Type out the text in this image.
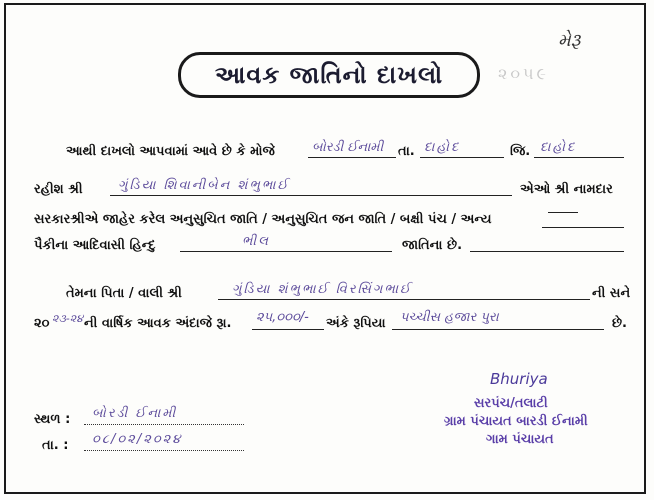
મેરૂ
૨૦૫૯
આવક જાતિનો દાખલો
આથી દાખલો આપવામાં આવે છે કે મોજે	બોરડી ઈનામી તા. દાહોદ	જિ. દાહોદ
રહીશ શ્રી	ગુંડિયા શિવાનીબેન શંભુભાઈ	એઓ શ્રી નામદાર
સરકારશ્રીએ જાહેર કરેલ અનુસુચિત જાતિ / અનુસુચિત જન જાતિ / બક્ષી પંચ / અન્ય
પૈકીના આદિવાસી હિન્દુ	ભીલ	જાતિના છે.
તેમના પિતા / વાલી શ્રી	ગુંડિયા શંભુભાઈ વિરસિંગભાઈ	ની સને
૨૦ ૨૩-૨૪ ની વાર્ષિક આવક અંદાજે રૂા. ૨૫,૦૦૦/- અંકે રૂપિયા પચ્ચીસ હજાર પુરા	છે.
Bhuriya
સરપંચ/તલાટી
ગ્રામ પંચાયત બારડી ઈનામી
ગામ પંચાયત
સ્થળ : બોરડી ઈનામી
તા. : ૦૮/૦૨/૨૦૨૪
